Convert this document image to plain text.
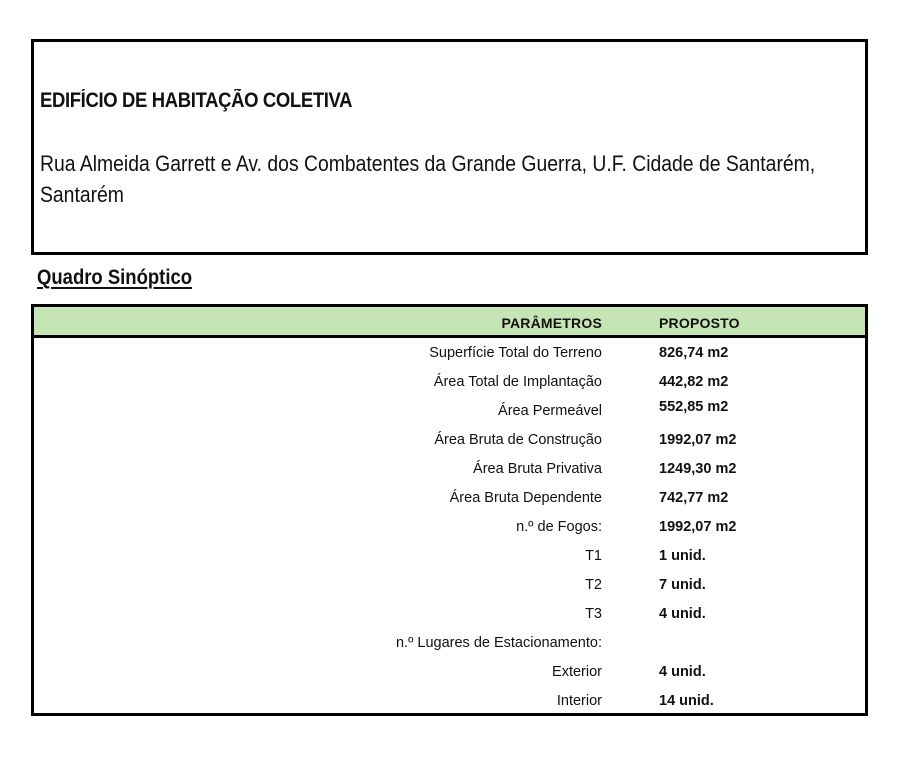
EDIFÍCIO DE HABITAÇÃO COLETIVA

Rua Almeida Garrett e Av. dos Combatentes da Grande Guerra, U.F. Cidade de Santarém, Santarém

Quadro Sinóptico
PARÂMETROS	PROPOSTO
Superfície Total do Terreno	826,74 m2
Área Total de Implantação	442,82 m2
Área Permeável	552,85 m2
Área Bruta de Construção	1992,07 m2
Área Bruta Privativa	1249,30 m2
Área Bruta Dependente	742,77 m2
n.º de Fogos:	1992,07 m2
T1	1 unid.
T2	7 unid.
T3	4 unid.
n.º Lugares de Estacionamento:
Exterior	4 unid.
Interior	14 unid.
